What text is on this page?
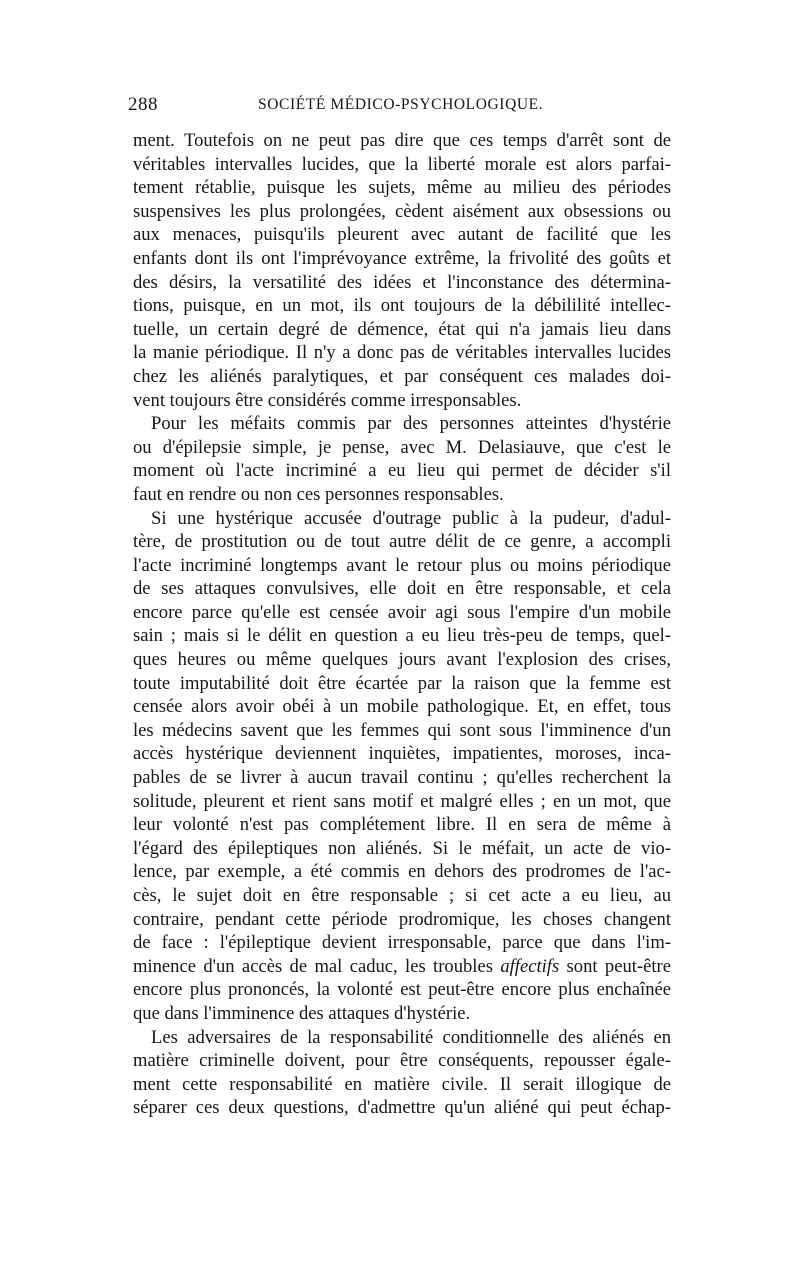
288	SOCIÉTÉ MÉDICO-PSYCHOLOGIQUE.
ment. Toutefois on ne peut pas dire que ces temps d'arrêt sont de
véritables intervalles lucides, que la liberté morale est alors parfai-
tement rétablie, puisque les sujets, même au milieu des périodes
suspensives les plus prolongées, cèdent aisément aux obsessions ou
aux menaces, puisqu'ils pleurent avec autant de facilité que les
enfants dont ils ont l'imprévoyance extrême, la frivolité des goûts et
des désirs, la versatilité des idées et l'inconstance des détermina-
tions, puisque, en un mot, ils ont toujours de la débililité intellec-
tuelle, un certain degré de démence, état qui n'a jamais lieu dans
la manie périodique. Il n'y a donc pas de véritables intervalles lucides
chez les aliénés paralytiques, et par conséquent ces malades doi-
vent toujours être considérés comme irresponsables.
Pour les méfaits commis par des personnes atteintes d'hystérie
ou d'épilepsie simple, je pense, avec M. Delasiauve, que c'est le
moment où l'acte incriminé a eu lieu qui permet de décider s'il
faut en rendre ou non ces personnes responsables.
Si une hystérique accusée d'outrage public à la pudeur, d'adul-
tère, de prostitution ou de tout autre délit de ce genre, a accompli
l'acte incriminé longtemps avant le retour plus ou moins périodique
de ses attaques convulsives, elle doit en être responsable, et cela
encore parce qu'elle est censée avoir agi sous l'empire d'un mobile
sain ; mais si le délit en question a eu lieu très-peu de temps, quel-
ques heures ou même quelques jours avant l'explosion des crises,
toute imputabilité doit être écartée par la raison que la femme est
censée alors avoir obéi à un mobile pathologique. Et, en effet, tous
les médecins savent que les femmes qui sont sous l'imminence d'un
accès hystérique deviennent inquiètes, impatientes, moroses, inca-
pables de se livrer à aucun travail continu ; qu'elles recherchent la
solitude, pleurent et rient sans motif et malgré elles ; en un mot, que
leur volonté n'est pas complétement libre. Il en sera de même à
l'égard des épileptiques non aliénés. Si le méfait, un acte de vio-
lence, par exemple, a été commis en dehors des prodromes de l'ac-
cès, le sujet doit en être responsable ; si cet acte a eu lieu, au
contraire, pendant cette période prodromique, les choses changent
de face : l'épileptique devient irresponsable, parce que dans l'im-
minence d'un accès de mal caduc, les troubles affectifs sont peut-être
encore plus prononcés, la volonté est peut-être encore plus enchaînée
que dans l'imminence des attaques d'hystérie.
Les adversaires de la responsabilité conditionnelle des aliénés en
matière criminelle doivent, pour être conséquents, repousser égale-
ment cette responsabilité en matière civile. Il serait illogique de
séparer ces deux questions, d'admettre qu'un aliéné qui peut échap-
